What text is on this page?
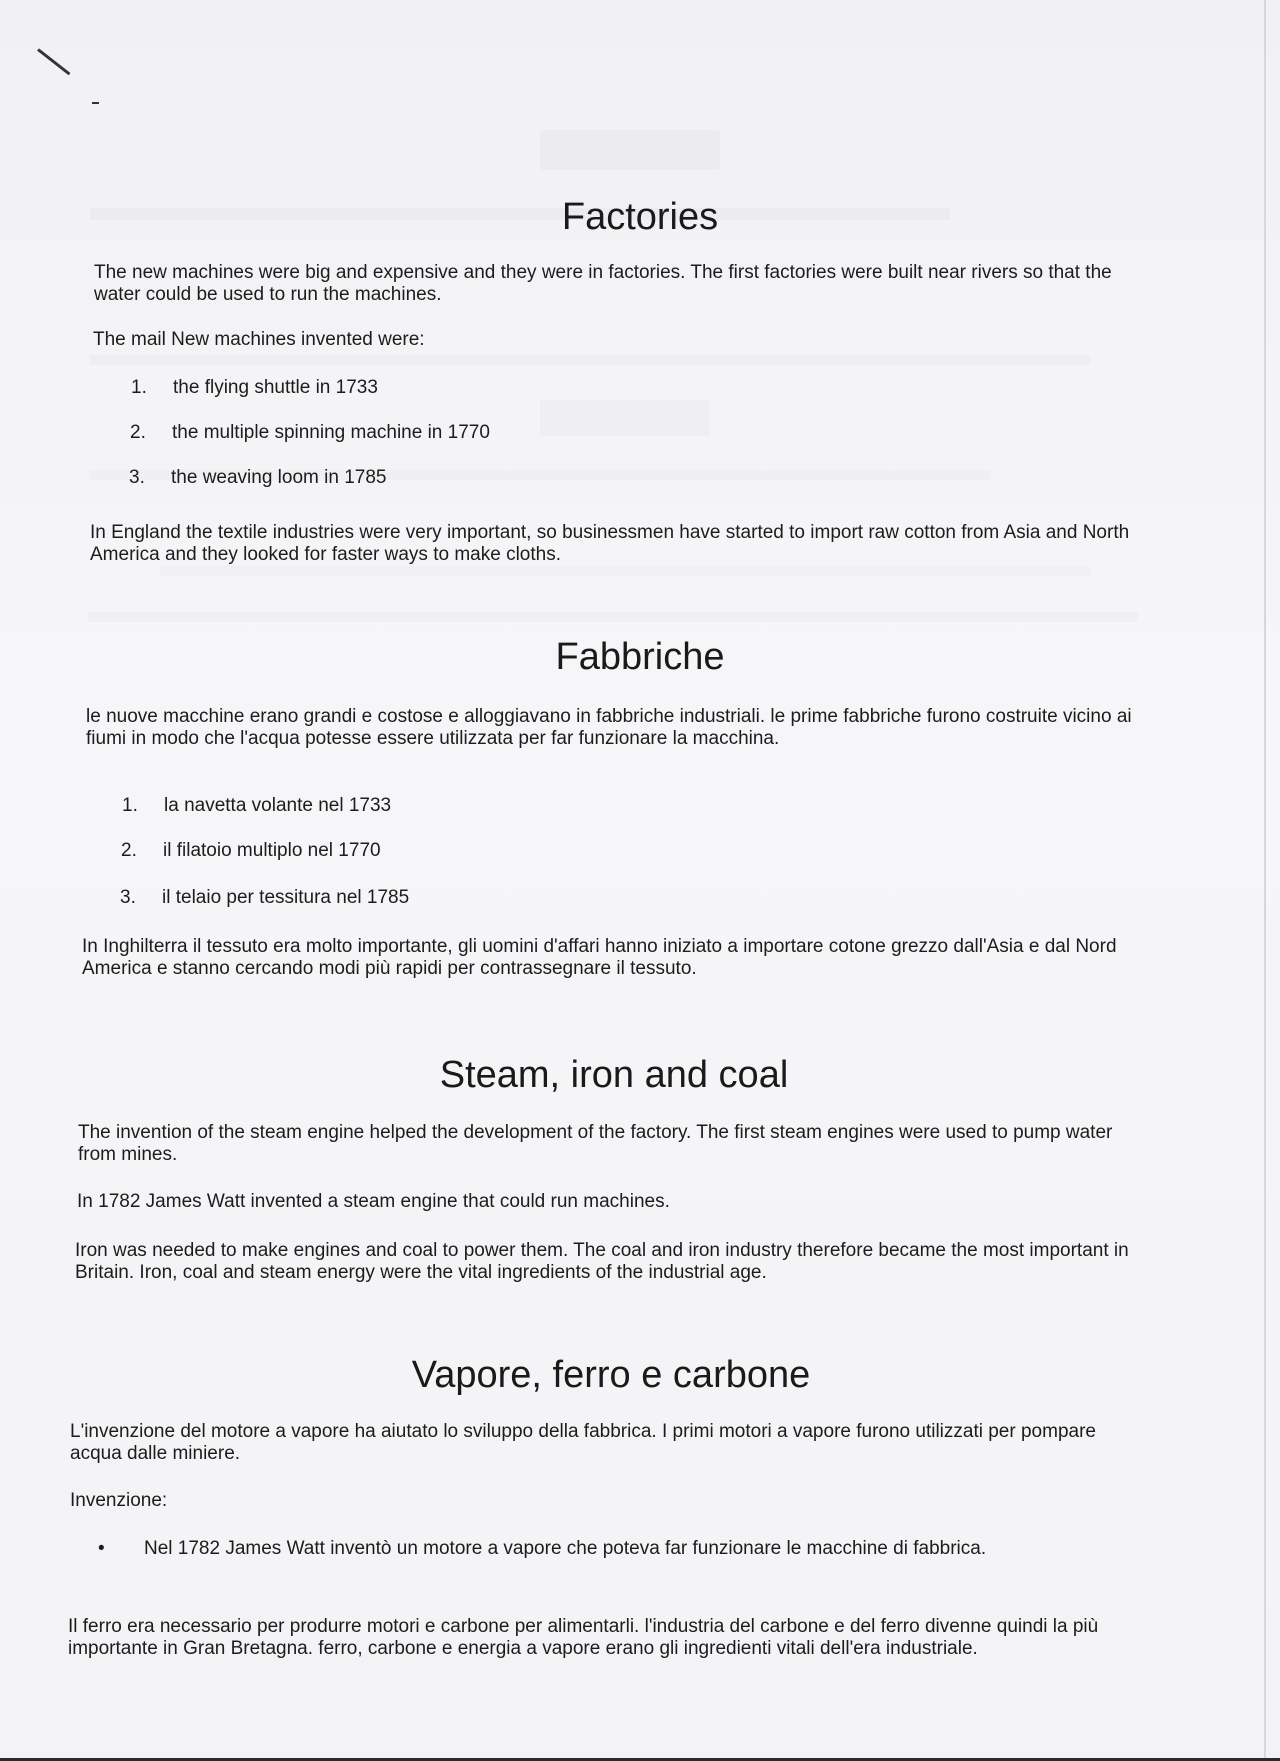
Factories
The new machines were big and expensive and they were in factories. The first factories were built near rivers so that the water could be used to run the machines.
The mail New machines invented were:
1. the flying shuttle in 1733
2. the multiple spinning machine in 1770
3. the weaving loom in 1785
In England the textile industries were very important, so businessmen have started to import raw cotton from Asia and North America and they looked for faster ways to make cloths.
Fabbriche
le nuove macchine erano grandi e costose e alloggiavano in fabbriche industriali. le prime fabbriche furono costruite vicino ai fiumi in modo che l'acqua potesse essere utilizzata per far funzionare la macchina.
1. la navetta volante nel 1733
2. il filatoio multiplo nel 1770
3. il telaio per tessitura nel 1785
In Inghilterra il tessuto era molto importante, gli uomini d'affari hanno iniziato a importare cotone grezzo dall'Asia e dal Nord America e stanno cercando modi più rapidi per contrassegnare il tessuto.
Steam, iron and coal
The invention of the steam engine helped the development of the factory. The first steam engines were used to pump water from mines.
In 1782 James Watt invented a steam engine that could run machines.
Iron was needed to make engines and coal to power them. The coal and iron industry therefore became the most important in Britain. Iron, coal and steam energy were the vital ingredients of the industrial age.
Vapore, ferro e carbone
L'invenzione del motore a vapore ha aiutato lo sviluppo della fabbrica. I primi motori a vapore furono utilizzati per pompare acqua dalle miniere.
Invenzione:
•	Nel 1782 James Watt inventò un motore a vapore che poteva far funzionare le macchine di fabbrica.
Il ferro era necessario per produrre motori e carbone per alimentarli. l'industria del carbone e del ferro divenne quindi la più importante in Gran Bretagna. ferro, carbone e energia a vapore erano gli ingredienti vitali dell'era industriale.
